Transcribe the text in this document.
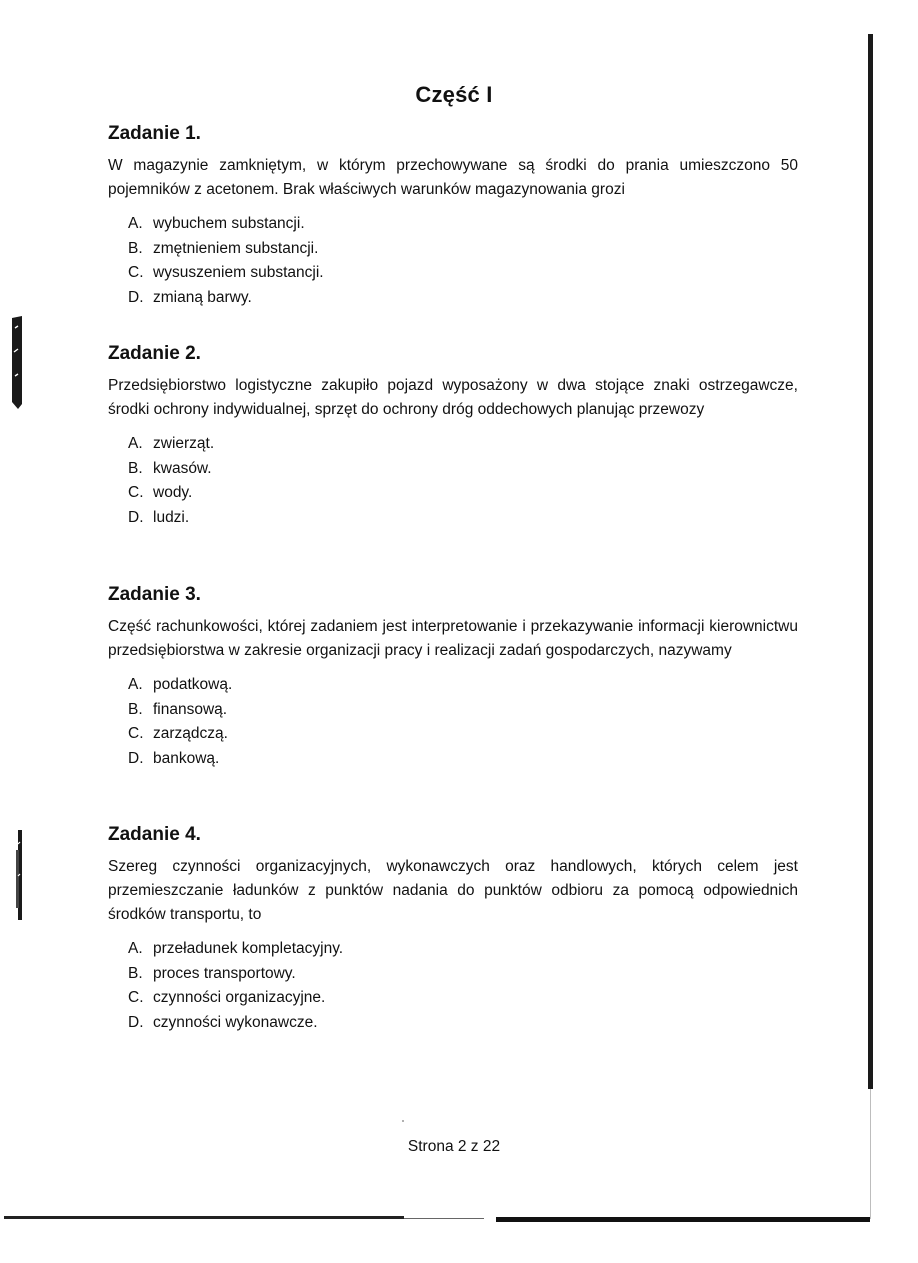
Część I
Zadanie 1.

W magazynie zamkniętym, w którym przechowywane są środki do prania umieszczono 50 pojemników z acetonem. Brak właściwych warunków magazynowania grozi

A. wybuchem substancji.
B. zmętnieniem substancji.
C. wysuszeniem substancji.
D. zmianą barwy.
Zadanie 2.

Przedsiębiorstwo logistyczne zakupiło pojazd wyposażony w dwa stojące znaki ostrzegawcze, środki ochrony indywidualnej, sprzęt do ochrony dróg oddechowych planując przewozy

A. zwierząt.
B. kwasów.
C. wody.
D. ludzi.
Zadanie 3.

Część rachunkowości, której zadaniem jest interpretowanie i przekazywanie informacji kierownictwu przedsiębiorstwa w zakresie organizacji pracy i realizacji zadań gospodarczych, nazywamy

A. podatkową.
B. finansową.
C. zarządczą.
D. bankową.
Zadanie 4.

Szereg czynności organizacyjnych, wykonawczych oraz handlowych, których celem jest przemieszczanie ładunków z punktów nadania do punktów odbioru za pomocą odpowiednich środków transportu, to

A. przeładunek kompletacyjny.
B. proces transportowy.
C. czynności organizacyjne.
D. czynności wykonawcze.
Strona 2 z 22
